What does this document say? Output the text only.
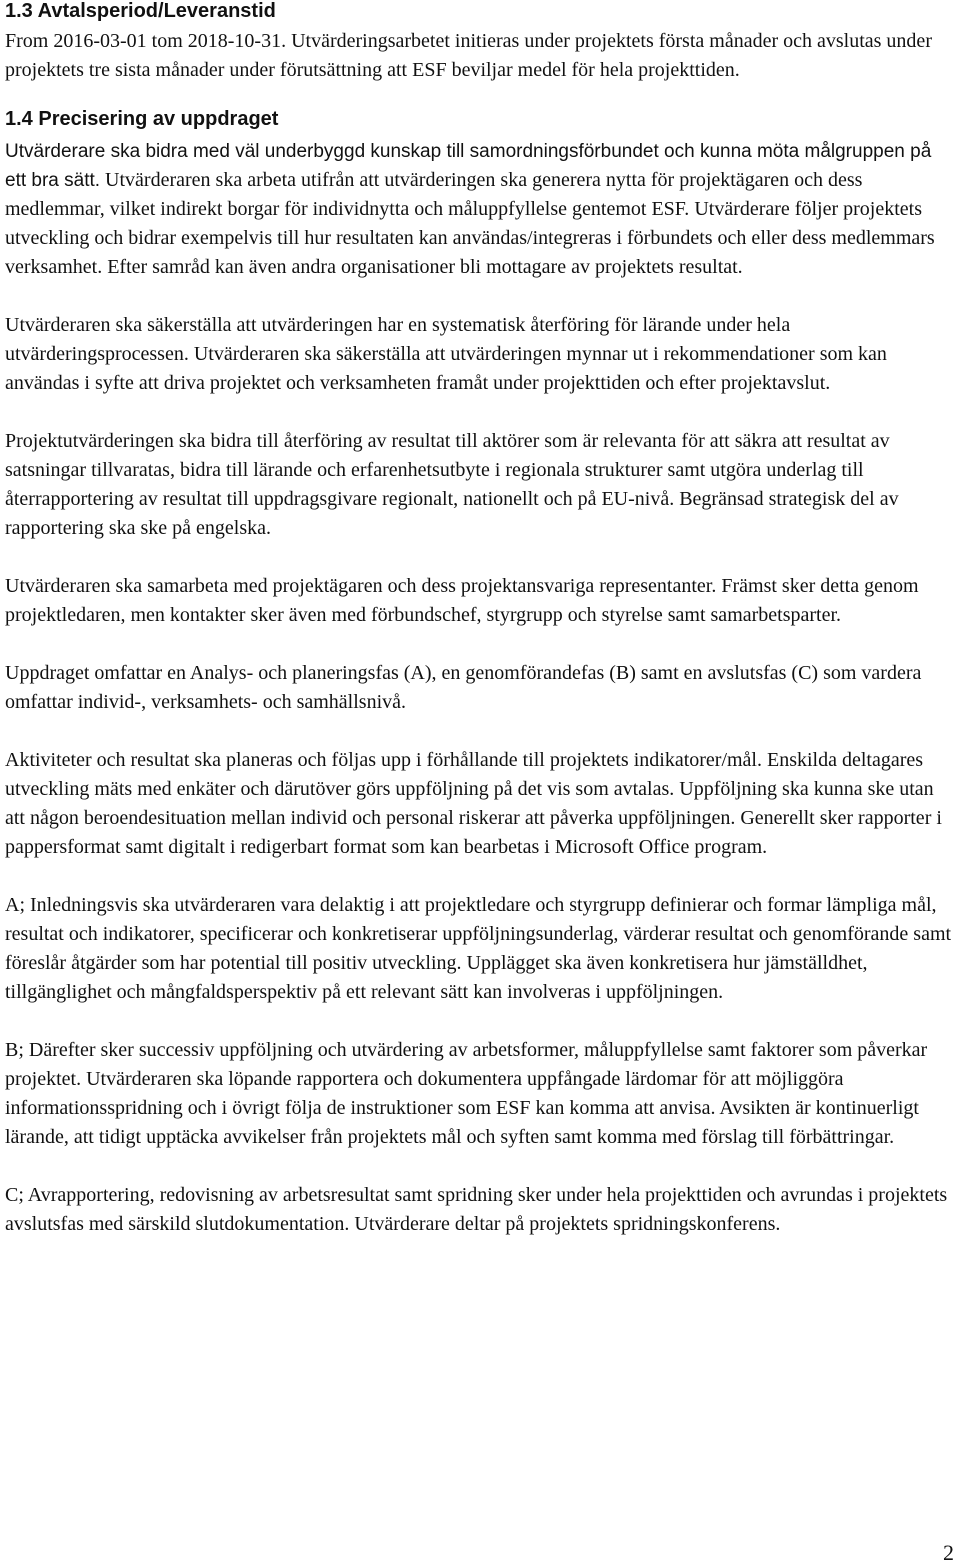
1.3 Avtalsperiod/Leveranstid

From 2016-03-01 tom 2018-10-31. Utvärderingsarbetet initieras under projektets första månader och avslutas under projektets tre sista månader under förutsättning att ESF beviljar medel för hela projekttiden.

1.4 Precisering av uppdraget

Utvärderare ska bidra med väl underbyggd kunskap till samordningsförbundet och kunna möta målgruppen på ett bra sätt. Utvärderaren ska arbeta utifrån att utvärderingen ska generera nytta för projektägaren och dess medlemmar, vilket indirekt borgar för individnytta och måluppfyllelse gentemot ESF. Utvärderare följer projektets utveckling och bidrar exempelvis till hur resultaten kan användas/integreras i förbundets och eller dess medlemmars verksamhet. Efter samråd kan även andra organisationer bli mottagare av projektets resultat.

Utvärderaren ska säkerställa att utvärderingen har en systematisk återföring för lärande under hela utvärderingsprocessen. Utvärderaren ska säkerställa att utvärderingen mynnar ut i rekommendationer som kan användas i syfte att driva projektet och verksamheten framåt under projekttiden och efter projektavslut.

Projektutvärderingen ska bidra till återföring av resultat till aktörer som är relevanta för att säkra att resultat av satsningar tillvaratas, bidra till lärande och erfarenhetsutbyte i regionala strukturer samt utgöra underlag till återrapportering av resultat till uppdragsgivare regionalt, nationellt och på EU-nivå. Begränsad strategisk del av rapportering ska ske på engelska.

Utvärderaren ska samarbeta med projektägaren och dess projektansvariga representanter. Främst sker detta genom projektledaren, men kontakter sker även med förbundschef, styrgrupp och styrelse samt samarbetsparter.

Uppdraget omfattar en Analys- och planeringsfas (A), en genomförandefas (B) samt en avslutsfas (C) som vardera omfattar individ-, verksamhets- och samhällsnivå.

Aktiviteter och resultat ska planeras och följas upp i förhållande till projektets indikatorer/mål. Enskilda deltagares utveckling mäts med enkäter och därutöver görs uppföljning på det vis som avtalas. Uppföljning ska kunna ske utan att någon beroendesituation mellan individ och personal riskerar att påverka uppföljningen. Generellt sker rapporter i pappersformat samt digitalt i redigerbart format som kan bearbetas i Microsoft Office program.

A; Inledningsvis ska utvärderaren vara delaktig i att projektledare och styrgrupp definierar och formar lämpliga mål, resultat och indikatorer, specificerar och konkretiserar uppföljningsunderlag, värderar resultat och genomförande samt föreslår åtgärder som har potential till positiv utveckling. Upplägget ska även konkretisera hur jämställdhet, tillgänglighet och mångfaldsperspektiv på ett relevant sätt kan involveras i uppföljningen.

B; Därefter sker successiv uppföljning och utvärdering av arbetsformer, måluppfyllelse samt faktorer som påverkar projektet. Utvärderaren ska löpande rapportera och dokumentera uppfångade lärdomar för att möjliggöra informationsspridning och i övrigt följa de instruktioner som ESF kan komma att anvisa. Avsikten är kontinuerligt lärande, att tidigt upptäcka avvikelser från projektets mål och syften samt komma med förslag till förbättringar.

C; Avrapportering, redovisning av arbetsresultat samt spridning sker under hela projekttiden och avrundas i projektets avslutsfas med särskild slutdokumentation. Utvärderare deltar på projektets spridningskonferens.

2
